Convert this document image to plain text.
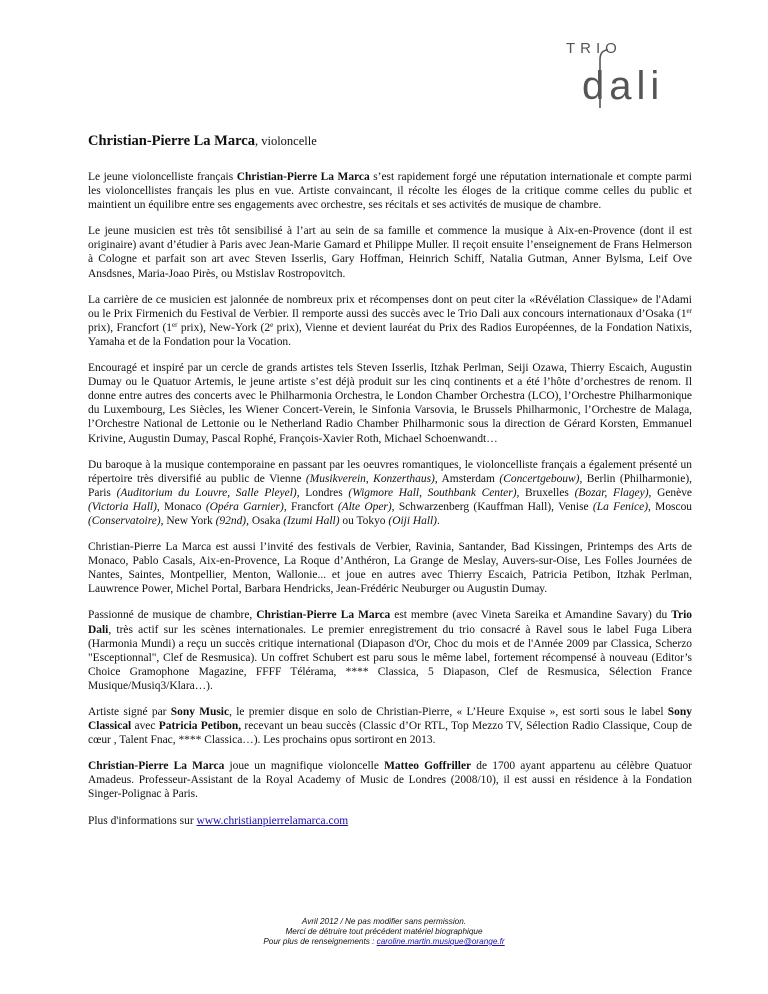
TRIO
dali
Christian-Pierre La Marca, violoncelle

Le jeune violoncelliste français Christian-Pierre La Marca s’est rapidement forgé une réputation internationale et compte parmi les violoncellistes français les plus en vue. Artiste convaincant, il récolte les éloges de la critique comme celles du public et maintient un équilibre entre ses engagements avec orchestre, ses récitals et ses activités de musique de chambre.

Le jeune musicien est très tôt sensibilisé à l’art au sein de sa famille et commence la musique à Aix-en-Provence (dont il est originaire) avant d’étudier à Paris avec Jean-Marie Gamard et Philippe Muller. Il reçoit ensuite l’enseignement de Frans Helmerson à Cologne et parfait son art avec Steven Isserlis, Gary Hoffman, Heinrich Schiff, Natalia Gutman, Anner Bylsma, Leif Ove Ansdsnes, Maria-Joao Pirès, ou Mstislav Rostropovitch.

La carrière de ce musicien est jalonnée de nombreux prix et récompenses dont on peut citer la «Révélation Classique» de l'Adami ou le Prix Firmenich du Festival de Verbier. Il remporte aussi des succès avec le Trio Dali aux concours internationaux d’Osaka (1er prix), Francfort (1er prix), New-York (2e prix), Vienne et devient lauréat du Prix des Radios Européennes, de la Fondation Natixis, Yamaha et de la Fondation pour la Vocation.

Encouragé et inspiré par un cercle de grands artistes tels Steven Isserlis, Itzhak Perlman, Seiji Ozawa, Thierry Escaich, Augustin Dumay ou le Quatuor Artemis, le jeune artiste s’est déjà produit sur les cinq continents et a été l’hôte d’orchestres de renom. Il donne entre autres des concerts avec le Philharmonia Orchestra, le London Chamber Orchestra (LCO), l’Orchestre Philharmonique du Luxembourg, Les Siècles, les Wiener Concert-Verein, le Sinfonia Varsovia, le Brussels Philharmonic, l’Orchestre de Malaga, l’Orchestre National de Lettonie ou le Netherland Radio Chamber Philharmonic sous la direction de Gérard Korsten, Emmanuel Krivine, Augustin Dumay, Pascal Rophé, François-Xavier Roth, Michael Schoenwandt…

Du baroque à la musique contemporaine en passant par les oeuvres romantiques, le violoncelliste français a également présenté un répertoire très diversifié au public de Vienne (Musikverein, Konzerthaus), Amsterdam (Concertgebouw), Berlin (Philharmonie), Paris (Auditorium du Louvre, Salle Pleyel), Londres (Wigmore Hall, Southbank Center), Bruxelles (Bozar, Flagey), Genève (Victoria Hall), Monaco (Opéra Garnier), Francfort (Alte Oper), Schwarzenberg (Kauffman Hall), Venise (La Fenice), Moscou (Conservatoire), New York (92nd), Osaka (Izumi Hall) ou Tokyo (Oiji Hall).

Christian-Pierre La Marca est aussi l’invité des festivals de Verbier, Ravinia, Santander, Bad Kissingen, Printemps des Arts de Monaco, Pablo Casals, Aix-en-Provence, La Roque d’Anthéron, La Grange de Meslay, Auvers-sur-Oise, Les Folles Journées de Nantes, Saintes, Montpellier, Menton, Wallonie... et joue en autres avec Thierry Escaich, Patricia Petibon, Itzhak Perlman, Lauwrence Power, Michel Portal, Barbara Hendricks, Jean-Frédéric Neuburger ou Augustin Dumay.

Passionné de musique de chambre, Christian-Pierre La Marca est membre (avec Vineta Sareika et Amandine Savary) du Trio Dali, très actif sur les scènes internationales. Le premier enregistrement du trio consacré à Ravel sous le label Fuga Libera (Harmonia Mundi) a reçu un succès critique international (Diapason d'Or, Choc du mois et de l'Année 2009 par Classica, Scherzo "Esceptionnal", Clef de Resmusica). Un coffret Schubert est paru sous le même label, fortement récompensé à nouveau (Editor’s Choice Gramophone Magazine, FFFF Télérama, **** Classica, 5 Diapason, Clef de Resmusica, Sélection France Musique/Musiq3/Klara…).

Artiste signé par Sony Music, le premier disque en solo de Christian-Pierre, « L’Heure Exquise », est sorti sous le label Sony Classical avec Patricia Petibon, recevant un beau succès (Classic d’Or RTL, Top Mezzo TV, Sélection Radio Classique, Coup de cœur , Talent Fnac, **** Classica…). Les prochains opus sortiront en 2013.

Christian-Pierre La Marca joue un magnifique violoncelle Matteo Goffriller de 1700 ayant appartenu au célèbre Quatuor Amadeus. Professeur-Assistant de la Royal Academy of Music de Londres (2008/10), il est aussi en résidence à la Fondation Singer-Polignac à Paris.

Plus d'informations sur www.christianpierrelamarca.com

Avril 2012 / Ne pas modifier sans permission.
Merci de détruire tout précédent matériel biographique
Pour plus de renseignements : caroline.martin.musique@orange.fr
